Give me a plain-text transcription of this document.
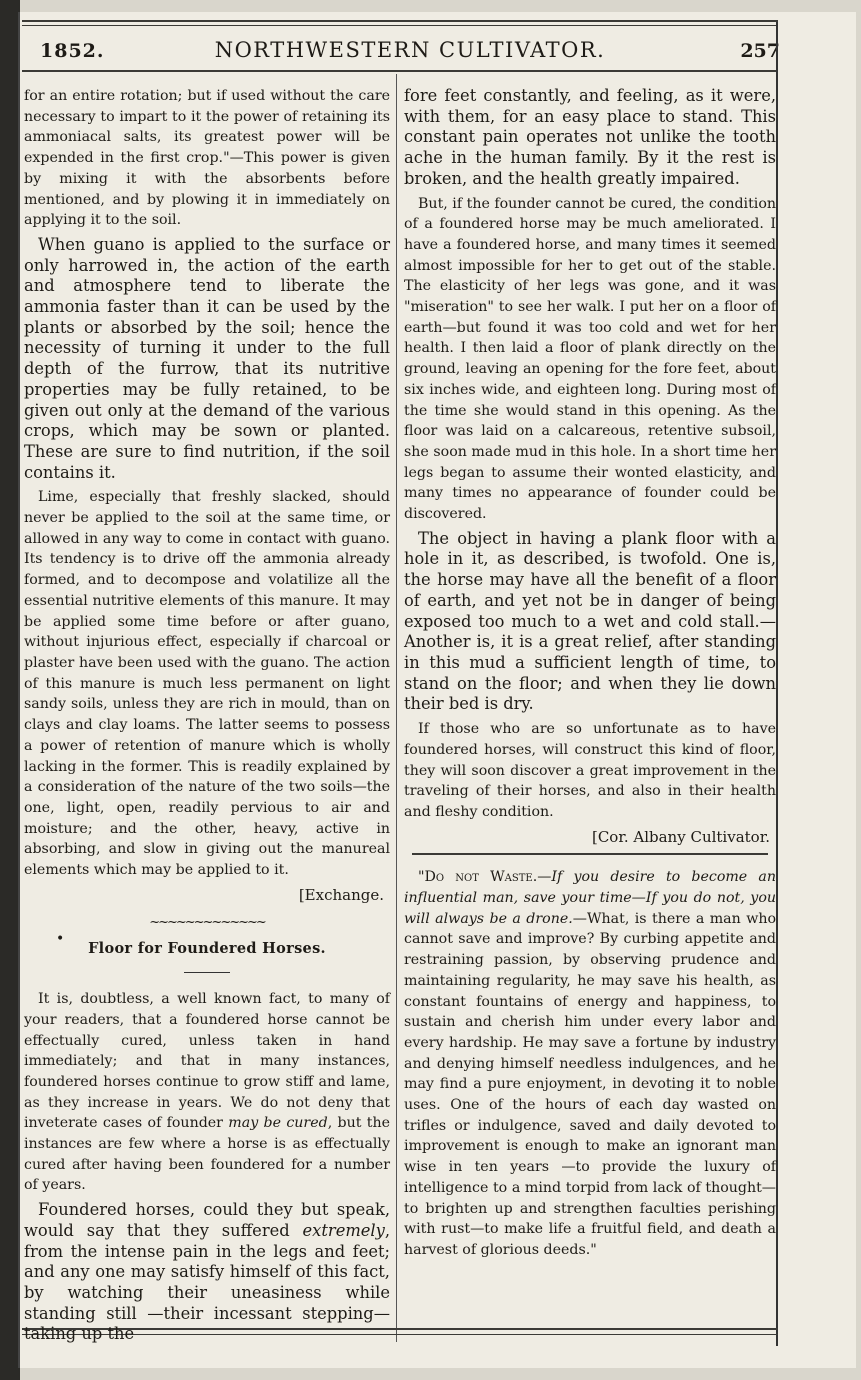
1852.	NORTHWESTERN CULTIVATOR.	257

for an entire rotation; but if used without the care necessary to impart to it the power of retaining its ammoniacal salts, its greatest power will be expended in the first crop."—This power is given by mixing it with the absorbents before mentioned, and by plowing it in immediately on applying it to the soil.

When guano is applied to the surface or only harrowed in, the action of the earth and atmosphere tend to liberate the ammonia faster than it can be used by the plants or absorbed by the soil; hence the necessity of turning it under to the full depth of the furrow, that its nutritive properties may be fully retained, to be given out only at the demand of the various crops, which may be sown or planted. These are sure to find nutrition, if the soil contains it.

Lime, especially that freshly slacked, should never be applied to the soil at the same time, or allowed in any way to come in contact with guano. Its tendency is to drive off the ammonia already formed, and to decompose and volatilize all the essential nutritive elements of this manure. It may be applied some time before or after guano, without injurious effect, especially if charcoal or plaster have been used with the guano. The action of this manure is much less permanent on light sandy soils, unless they are rich in mould, than on clays and clay loams. The latter seems to possess a power of retention of manure which is wholly lacking in the former. This is readily explained by a consideration of the nature of the two soils—the one, light, open, readily pervious to air and moisture; and the other, heavy, active in absorbing, and slow in giving out the manureal elements which may be applied to it.

[Exchange.
~~~~~~~~~~~~~
Floor for Foundered Horses.

It is, doubtless, a well known fact, to many of your readers, that a foundered horse cannot be effectually cured, unless taken in hand immediately; and that in many instances, foundered horses continue to grow stiff and lame, as they increase in years. We do not deny that inveterate cases of founder may be cured, but the instances are few where a horse is as effectually cured after having been foundered for a number of years.

Foundered horses, could they but speak, would say that they suffered extremely, from the intense pain in the legs and feet; and any one may satisfy himself of this fact, by watching their uneasiness while standing still —their incessant stepping—taking up the

•

fore feet constantly, and feeling, as it were, with them, for an easy place to stand. This constant pain operates not unlike the tooth ache in the human family. By it the rest is broken, and the health greatly impaired.

But, if the founder cannot be cured, the condition of a foundered horse may be much ameliorated. I have a foundered horse, and many times it seemed almost impossible for her to get out of the stable. The elasticity of her legs was gone, and it was "miseration" to see her walk. I put her on a floor of earth—but found it was too cold and wet for her health. I then laid a floor of plank directly on the ground, leaving an opening for the fore feet, about six inches wide, and eighteen long. During most of the time she would stand in this opening. As the floor was laid on a calcareous, retentive subsoil, she soon made mud in this hole. In a short time her legs began to assume their wonted elasticity, and many times no appearance of founder could be discovered.

The object in having a plank floor with a hole in it, as described, is twofold. One is, the horse may have all the benefit of a floor of earth, and yet not be in danger of being exposed too much to a wet and cold stall.—Another is, it is a great relief, after standing in this mud a sufficient length of time, to stand on the floor; and when they lie down their bed is dry.

If those who are so unfortunate as to have foundered horses, will construct this kind of floor, they will soon discover a great improvement in the traveling of their horses, and also in their health and fleshy condition.

[Cor. Albany Cultivator.

"Do not Waste.—If you desire to become an influential man, save your time—If you do not, you will always be a drone.—What, is there a man who cannot save and improve? By curbing appetite and restraining passion, by observing prudence and maintaining regularity, he may save his health, as constant fountains of energy and happiness, to sustain and cherish him under every labor and every hardship. He may save a fortune by industry and denying himself needless indulgences, and he may find a pure enjoyment, in devoting it to noble uses. One of the hours of each day wasted on trifles or indulgence, saved and daily devoted to improvement is enough to make an ignorant man wise in ten years —to provide the luxury of intelligence to a mind torpid from lack of thought—to brighten up and strengthen faculties perishing with rust—to make life a fruitful field, and death a harvest of glorious deeds."
